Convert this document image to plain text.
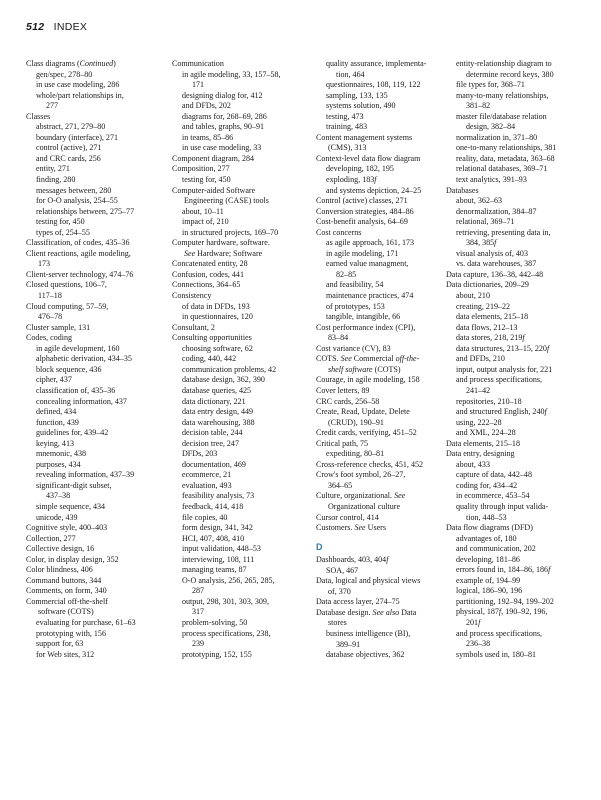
512 INDEX
Class diagrams (Continued)
gen/spec, 278–80
in use case modeling, 286
whole/part relationships in,
277
Classes
abstract, 271, 279–80
boundary (interface), 271
control (active), 271
and CRC cards, 256
entity, 271
finding, 280
messages between, 280
for O-O analysis, 254–55
relationships between, 275–77
testing for, 450
types of, 254–55
Classification, of codes, 435–36
Client reactions, agile modeling,
173
Client-server technology, 474–76
Closed questions, 106–7,
117–18
Cloud computing, 57–59,
476–78
Cluster sample, 131
Codes, coding
in agile development, 160
alphabetic derivation, 434–35
block sequence, 436
cipher, 437
classification of, 435–36
concealing information, 437
defined, 434
function, 439
guidelines for, 439–42
keying, 413
mnemonic, 438
purposes, 434
revealing information, 437–39
significant-digit subset,
437–38
simple sequence, 434
unicode, 439
Cognitive style, 400–403
Collection, 277
Collective design, 16
Color, in display design, 352
Color blindness, 406
Command buttons, 344
Comments, on form, 340
Commercial off-the-shelf
software (COTS)
evaluating for purchase, 61–63
prototyping with, 156
support for, 63
for Web sites, 312
Communication
in agile modeling, 33, 157–58,
171
designing dialog for, 412
and DFDs, 202
diagrams for, 268–69, 286
and tables, graphs, 90–91
in teams, 85–86
in use case modeling, 33
Component diagram, 284
Composition, 277
testing for, 450
Computer-aided Software
Engineering (CASE) tools
about, 10–11
impact of, 210
in structured projects, 169–70
Computer hardware, software.
See Hardware; Software
Concatenated entity, 28
Confusion, codes, 441
Connections, 364–65
Consistency
of data in DFDs, 193
in questionnaires, 120
Consultant, 2
Consulting opportunities
choosing software, 62
coding, 440, 442
communication problems, 42
database design, 362, 390
database queries, 425
data dictionary, 221
data entry design, 449
data warehousing, 388
decision table, 244
decision tree, 247
DFDs, 203
documentation, 469
ecommerce, 21
evaluation, 493
feasibility analysis, 73
feedback, 414, 418
file copies, 40
form design, 341, 342
HCI, 407, 408, 410
input validation, 448–53
interviewing, 108, 111
managing teams, 87
O-O analysis, 256, 265, 285,
287
output, 298, 301, 303, 309,
317
problem-solving, 50
process specifications, 238,
239
prototyping, 152, 155
quality assurance, implementa-
tion, 464
questionnaires, 108, 119, 122
sampling, 133, 135
systems solution, 490
testing, 473
training, 483
Content management systems
(CMS), 313
Context-level data flow diagram
developing, 182, 195
exploding, 183f
and systems depiction, 24–25
Control (active) classes, 271
Conversion strategies, 484–86
Cost-benefit analysis, 64–69
Cost concerns
as agile approach, 161, 173
in agile modeling, 171
earned value managment,
82–85
and feasibility, 54
maintenance practices, 474
of prototypes, 153
tangible, intangible, 66
Cost performance index (CPI),
83–84
Cost variance (CV), 83
COTS. See Commercial off-the-
shelf software (COTS)
Courage, in agile modeling, 158
Cover letters, 89
CRC cards, 256–58
Create, Read, Update, Delete
(CRUD), 190–91
Credit cards, verifying, 451–52
Critical path, 75
expediting, 80–81
Cross-reference checks, 451, 452
Crow's foot symbol, 26–27,
364–65
Culture, organizational. See
Organizational culture
Cursor control, 414
Customers. See Users
D
Dashboards, 403, 404f
SOA, 467
Data, logical and physical views
of, 370
Data access layer, 274–75
Database design. See also Data
stores
business intelligence (BI),
389–91
database objectives, 362
entity-relationship diagram to
determine record keys, 380
file types for, 368–71
many-to-many relationships,
381–82
master file/database relation
design, 382–84
normalization in, 371–80
one-to-many relationships, 381
reality, data, metadata, 363–68
relational databases, 369–71
text analytics, 391–93
Databases
about, 362–63
denormalization, 384–87
relational, 369–71
retrieving, presenting data in,
384, 385f
visual analysis of, 403
vs. data warehouses, 387
Data capture, 136–38, 442–48
Data dictionaries, 209–29
about, 210
creating, 219–22
data elements, 215–18
data flows, 212–13
data stores, 218, 219f
data structures, 213–15, 220f
and DFDs, 210
input, output analysis for, 221
and process specifications,
241–42
repositories, 210–18
and structured English, 240f
using, 222–28
and XML, 224–28
Data elements, 215–18
Data entry, designing
about, 433
capture of data, 442–48
coding for, 434–42
in ecommerce, 453–54
quality through input valida-
tion, 448–53
Data flow diagrams (DFD)
advantages of, 180
and communication, 202
developing, 181–86
errors found in, 184–86, 186f
example of, 194–99
logical, 186–90, 196
partitioning, 192–94, 199–202
physical, 187f, 190–92, 196,
201f
and process specifications,
236–38
symbols used in, 180–81
